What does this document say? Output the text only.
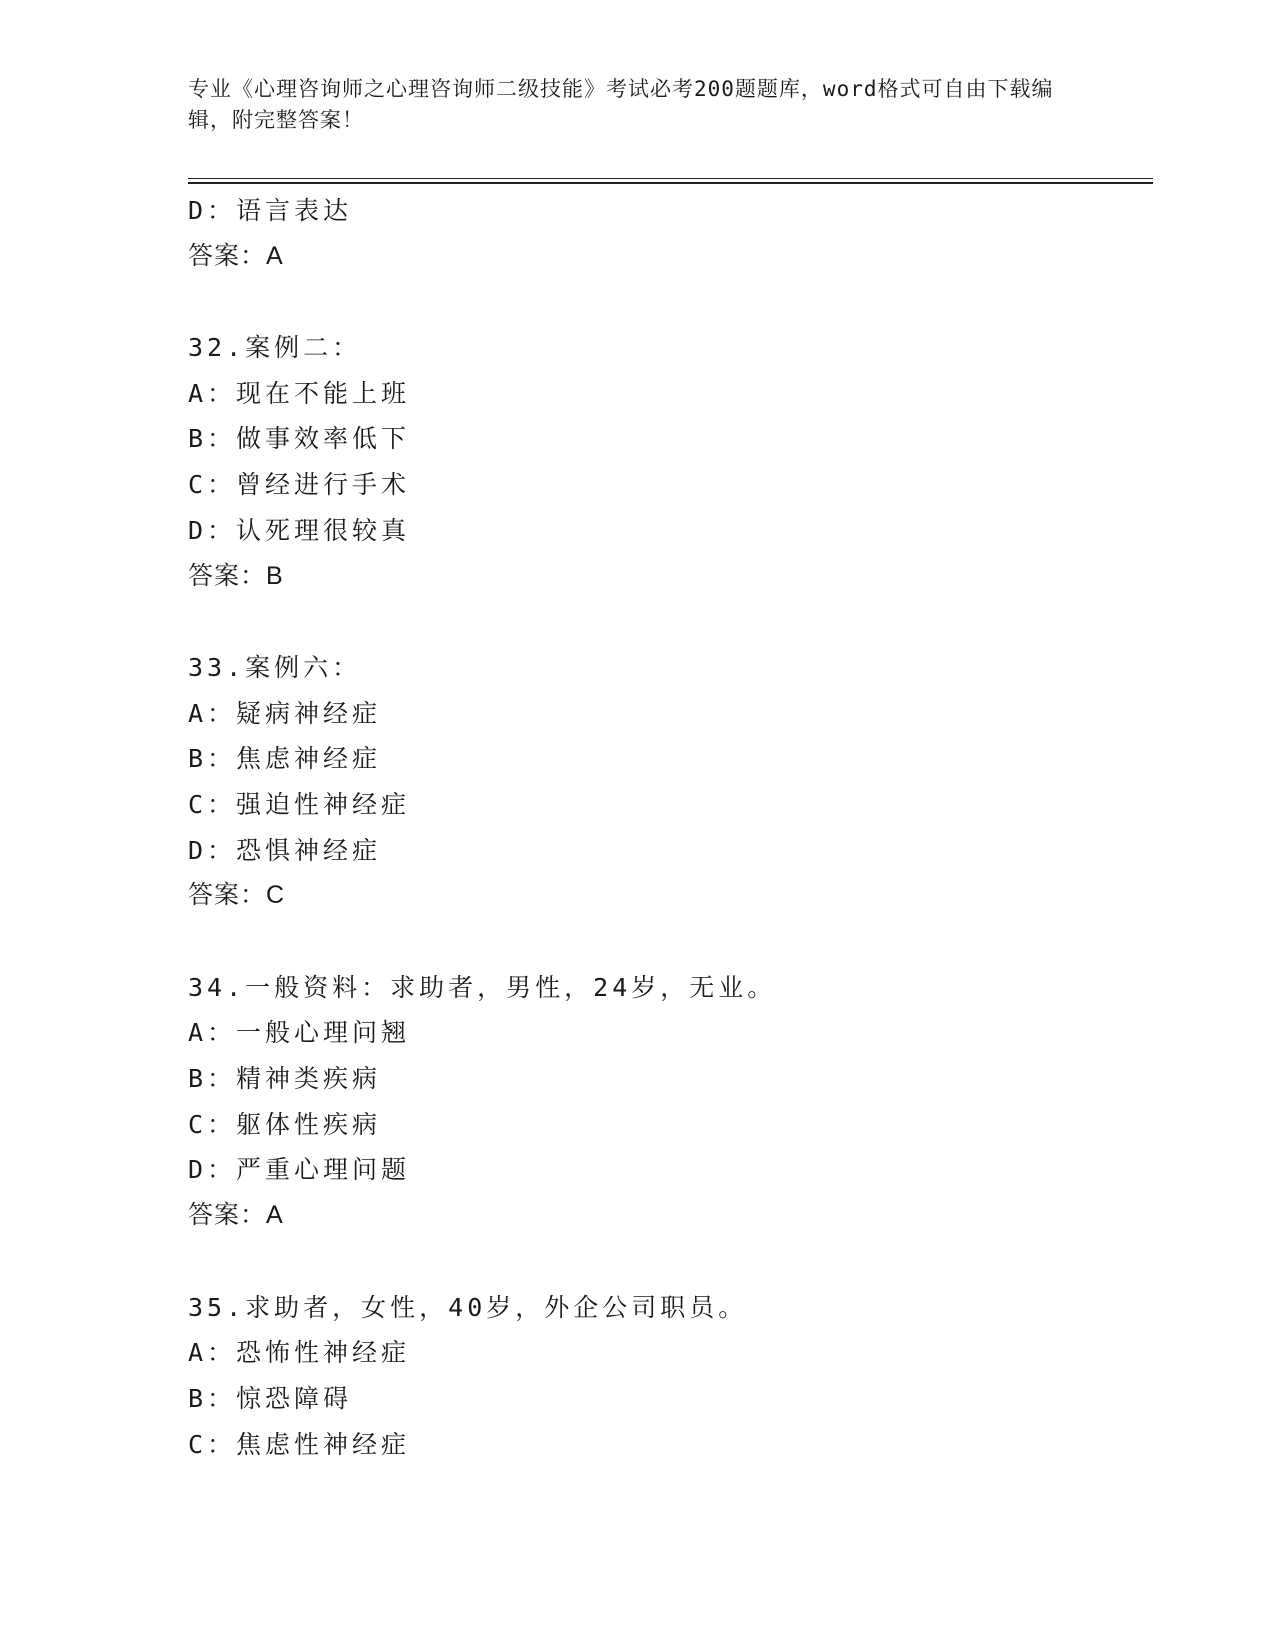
专业《心理咨询师之心理咨询师二级技能》考试必考200题题库，word格式可自由下载编辑，附完整答案！
D：语言表达
答案：A
32.案例二：
A：现在不能上班
B：做事效率低下
C：曾经进行手术
D：认死理很较真
答案：B
33.案例六：
A：疑病神经症
B：焦虑神经症
C：强迫性神经症
D：恐惧神经症
答案：C
34.一般资料：求助者，男性，24岁，无业。
A：一般心理问翘
B：精神类疾病
C：躯体性疾病
D：严重心理问题
答案：A
35.求助者，女性，40岁，外企公司职员。
A：恐怖性神经症
B：惊恐障碍
C：焦虑性神经症
